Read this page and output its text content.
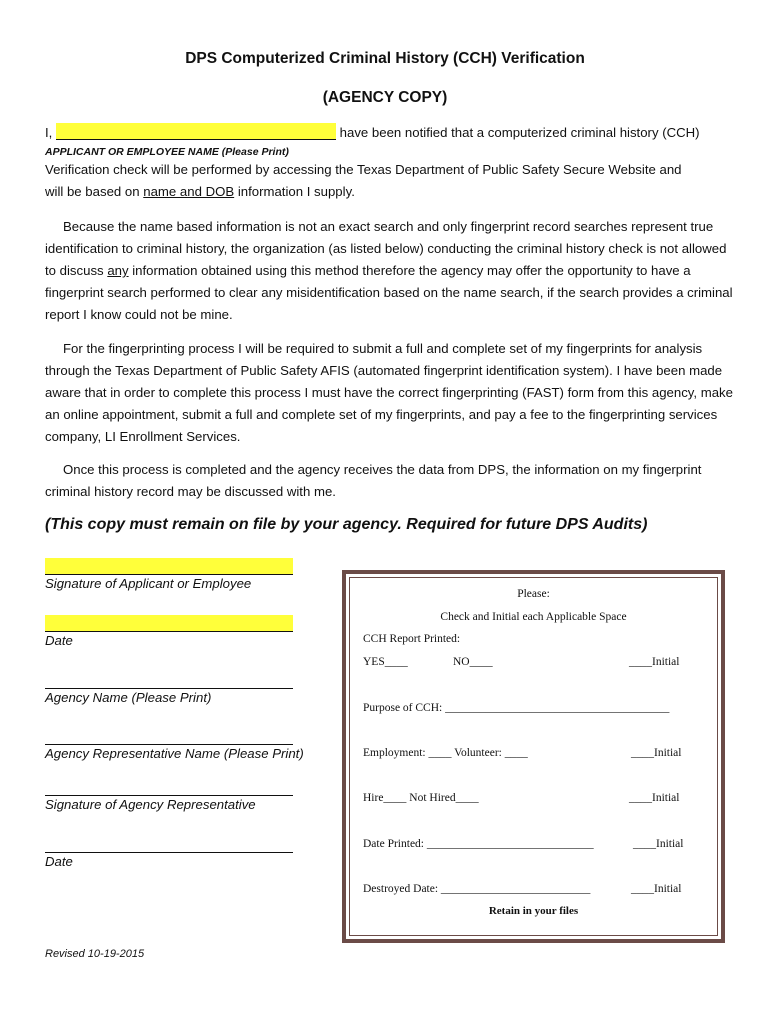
DPS Computerized Criminal History (CCH) Verification
(AGENCY COPY)
I,	have been notified that a computerized criminal history (CCH)
APPLICANT OR EMPLOYEE NAME (Please Print)
Verification check will be performed by accessing the Texas Department of Public Safety Secure Website and
will be based on name and DOB information I supply.
Because the name based information is not an exact search and only fingerprint record searches represent true identification to criminal history, the organization (as listed below) conducting the criminal history check is not allowed to discuss any information obtained using this method therefore the agency may offer the opportunity to have a fingerprint search performed to clear any misidentification based on the name search, if the search provides a criminal report I know could not be mine.
For the fingerprinting process I will be required to submit a full and complete set of my fingerprints for analysis through the Texas Department of Public Safety AFIS (automated fingerprint identification system). I have been made aware that in order to complete this process I must have the correct fingerprinting (FAST) form from this agency, make an online appointment, submit a full and complete set of my fingerprints, and pay a fee to the fingerprinting services company, LI Enrollment Services.
Once this process is completed and the agency receives the data from DPS, the information on my fingerprint criminal history record may be discussed with me.
(This copy must remain on file by your agency. Required for future DPS Audits)
Signature of Applicant or Employee
Date
Agency Name (Please Print)
Agency Representative Name (Please Print)
Signature of Agency Representative
Date
Please:
Check and Initial each Applicable Space
CCH Report Printed:
YES____	NO____	____Initial
Purpose of CCH: _______________________________________
Employment: ____ Volunteer: ____	____Initial
Hire____ Not Hired____	____Initial
Date Printed: _____________________________	____Initial
Destroyed Date: __________________________	____Initial
Retain in your files
Revised 10-19-2015
